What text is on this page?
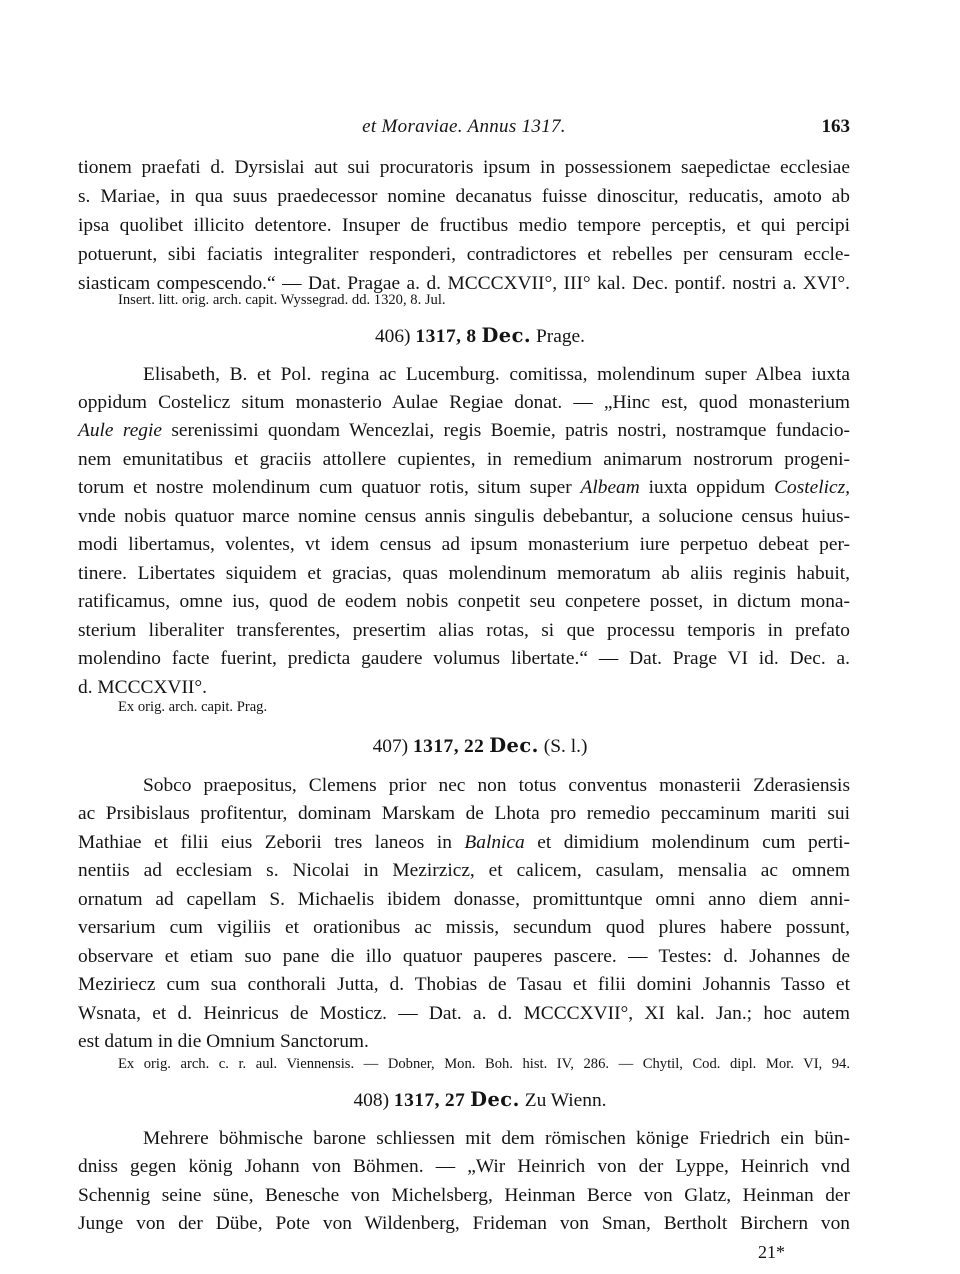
et Moraviae. Annus 1317.	163
tionem praefati d. Dyrsislai aut sui procuratoris ipsum in possessionem saepedictae ecclesiae
s. Mariae, in qua suus praedecessor nomine decanatus fuisse dinoscitur, reducatis, amoto ab
ipsa quolibet illicito detentore. Insuper de fructibus medio tempore perceptis, et qui percipi
potuerunt, sibi faciatis integraliter responderi, contradictores et rebelles per censuram eccle-
siasticam compescendo.“ — Dat. Pragae a. d. MCCCXVII°, III° kal. Dec. pontif. nostri a. XVI°.
Insert. litt. orig. arch. capit. Wyssegrad. dd. 1320, 8. Jul.
406) 1317, 8 Dec. Prage.
Elisabeth, B. et Pol. regina ac Lucemburg. comitissa, molendinum super Albea iuxta
oppidum Costelicz situm monasterio Aulae Regiae donat. — „Hinc est, quod monasterium
Aule regie serenissimi quondam Wencezlai, regis Boemie, patris nostri, nostramque fundacio-
nem emunitatibus et graciis attollere cupientes, in remedium animarum nostrorum progeni-
torum et nostre molendinum cum quatuor rotis, situm super Albeam iuxta oppidum Costelicz,
vnde nobis quatuor marce nomine census annis singulis debebantur, a solucione census huius-
modi libertamus, volentes, vt idem census ad ipsum monasterium iure perpetuo debeat per-
tinere. Libertates siquidem et gracias, quas molendinum memoratum ab aliis reginis habuit,
ratificamus, omne ius, quod de eodem nobis conpetit seu conpetere posset, in dictum mona-
sterium liberaliter transferentes, presertim alias rotas, si que processu temporis in prefato
molendino facte fuerint, predicta gaudere volumus libertate.“ — Dat. Prage VI id. Dec. a.
d. MCCCXVII°.
Ex orig. arch. capit. Prag.
407) 1317, 22 Dec. (S. l.)
Sobco praepositus, Clemens prior nec non totus conventus monasterii Zderasiensis
ac Prsibislaus profitentur, dominam Marskam de Lhota pro remedio peccaminum mariti sui
Mathiae et filii eius Zeborii tres laneos in Balnica et dimidium molendinum cum perti-
nentiis ad ecclesiam s. Nicolai in Mezirzicz, et calicem, casulam, mensalia ac omnem
ornatum ad capellam S. Michaelis ibidem donasse, promittuntque omni anno diem anni-
versarium cum vigiliis et orationibus ac missis, secundum quod plures habere possunt,
observare et etiam suo pane die illo quatuor pauperes pascere. — Testes: d. Johannes de
Meziriecz cum sua conthorali Jutta, d. Thobias de Tasau et filii domini Johannis Tasso et
Wsnata, et d. Heinricus de Mosticz. — Dat. a. d. MCCCXVII°, XI kal. Jan.; hoc autem
est datum in die Omnium Sanctorum.
Ex orig. arch. c. r. aul. Viennensis. — Dobner, Mon. Boh. hist. IV, 286. — Chytil, Cod. dipl. Mor. VI, 94.
408) 1317, 27 Dec. Zu Wienn.
Mehrere böhmische barone schliessen mit dem römischen könige Friedrich ein bün-
dniss gegen könig Johann von Böhmen. — „Wir Heinrich von der Lyppe, Heinrich vnd
Schennig seine süne, Benesche von Michelsberg, Heinman Berce von Glatz, Heinman der
Junge von der Dübe, Pote von Wildenberg, Frideman von Sman, Bertholt Birchern von
21*
